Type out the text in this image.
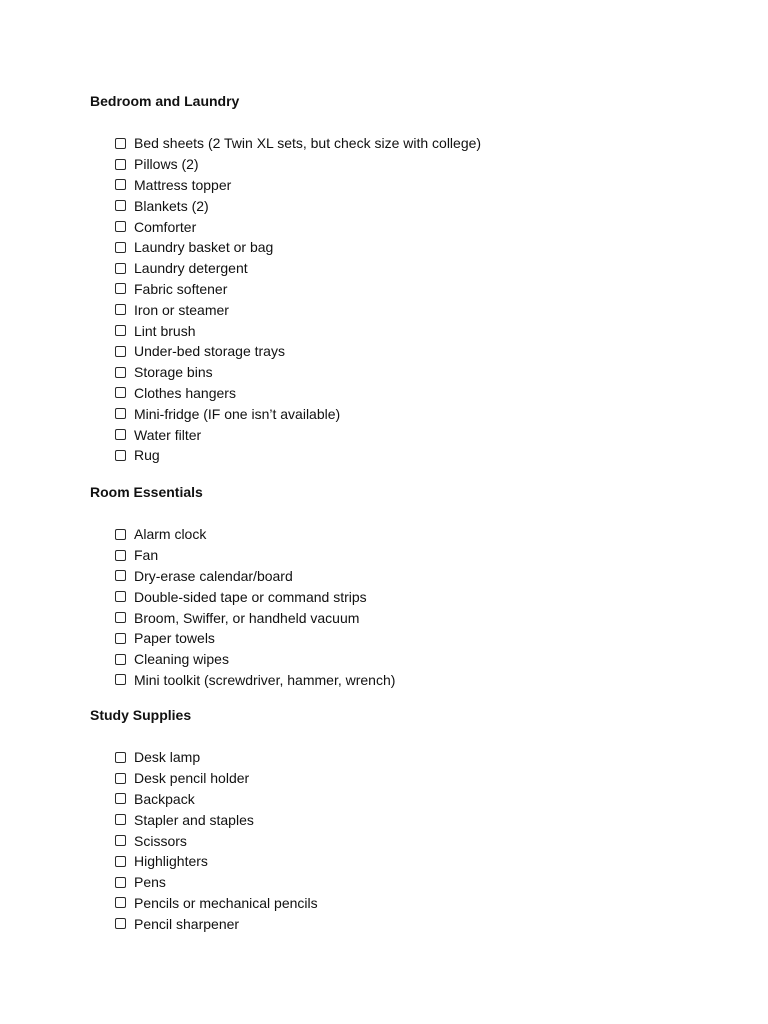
Bedroom and Laundry
Bed sheets (2 Twin XL sets, but check size with college)
Pillows (2)
Mattress topper
Blankets (2)
Comforter
Laundry basket or bag
Laundry detergent
Fabric softener
Iron or steamer
Lint brush
Under-bed storage trays
Storage bins
Clothes hangers
Mini-fridge (IF one isn’t available)
Water filter
Rug
Room Essentials
Alarm clock
Fan
Dry-erase calendar/board
Double-sided tape or command strips
Broom, Swiffer, or handheld vacuum
Paper towels
Cleaning wipes
Mini toolkit (screwdriver, hammer, wrench)
Study Supplies
Desk lamp
Desk pencil holder
Backpack
Stapler and staples
Scissors
Highlighters
Pens
Pencils or mechanical pencils
Pencil sharpener
